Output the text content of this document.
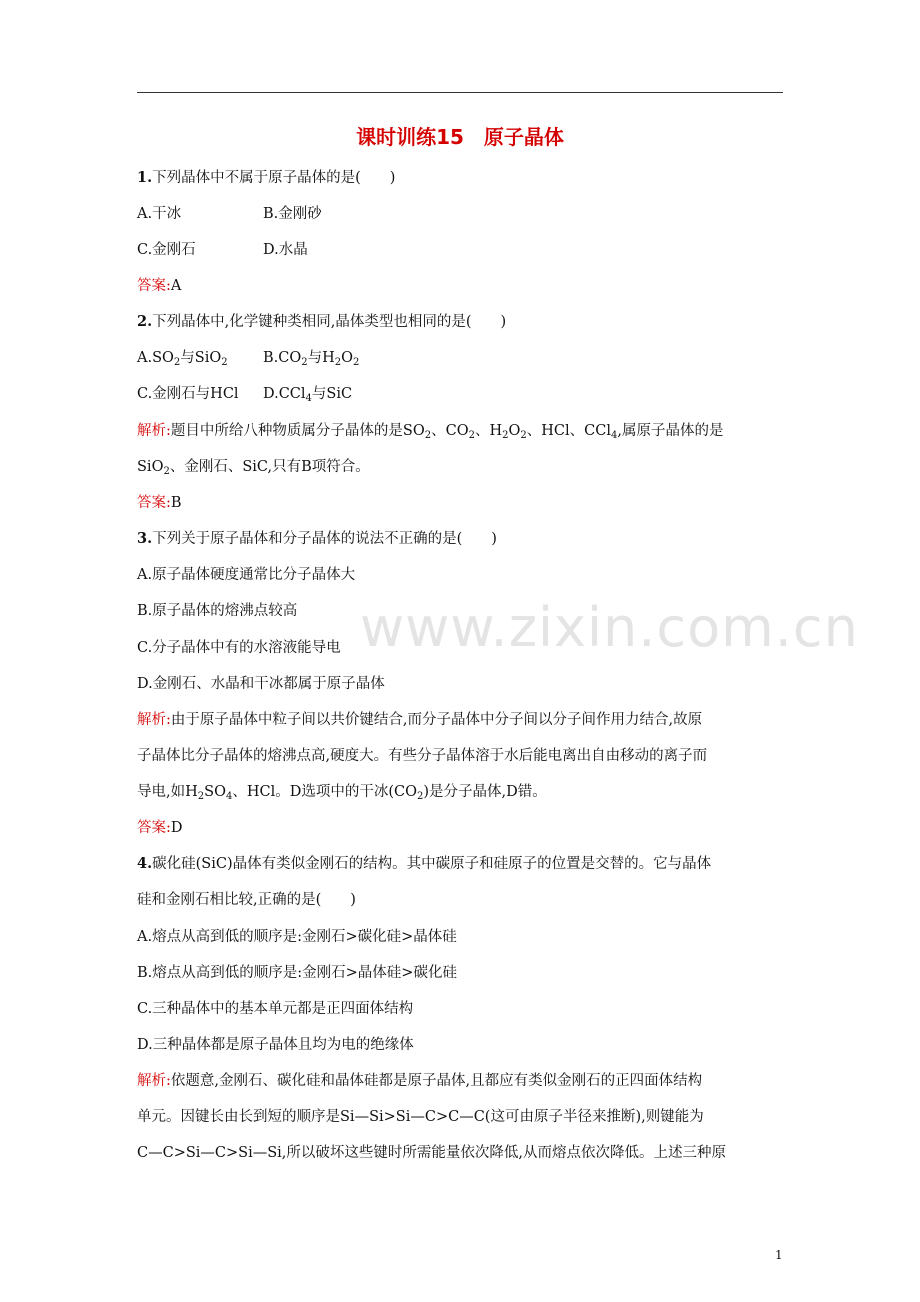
课时训练15　原子晶体
www.zixin.com.cn
1.下列晶体中不属于原子晶体的是(　　)
A.干冰	B.金刚砂
C.金刚石	D.水晶
答案:A
2.下列晶体中,化学键种类相同,晶体类型也相同的是(　　)
$A.SO_2$与SiO$_2$ $B.CO_2$与$H_2O_2$
C.金刚石与HCl D.CCl$_4$与SiC
解析:题目中所给八种物质属分子晶体的是$SO_2$、$CO_2$、$H_2O_2$、HCl、CCl$_4$,属原子晶体的是
SiO$_2$、金刚石、SiC,只有B项符合。
答案:B
3.下列关于原子晶体和分子晶体的说法不正确的是(　　)
A.原子晶体硬度通常比分子晶体大
B.原子晶体的熔沸点较高
C.分子晶体中有的水溶液能导电
D.金刚石、水晶和干冰都属于原子晶体
解析:由于原子晶体中粒子间以共价键结合,而分子晶体中分子间以分子间作用力结合,故原
子晶体比分子晶体的熔沸点高,硬度大。有些分子晶体溶于水后能电离出自由移动的离子而
导电,如$H_2SO_4$、HCl。D选项中的干冰$(CO_2)$是分子晶体,D错。
答案:D
4.碳化硅(SiC)晶体有类似金刚石的结构。其中碳原子和硅原子的位置是交替的。它与晶体
硅和金刚石相比较,正确的是(　　)
A.熔点从高到低的顺序是:金刚石>碳化硅>晶体硅
B.熔点从高到低的顺序是:金刚石>晶体硅>碳化硅
C.三种晶体中的基本单元都是正四面体结构
D.三种晶体都是原子晶体且均为电的绝缘体
解析:依题意,金刚石、碳化硅和晶体硅都是原子晶体,且都应有类似金刚石的正四面体结构
单元。因键长由长到短的顺序是Si—Si>Si—C>C—C(这可由原子半径来推断),则键能为
C—C>Si—C>Si—Si,所以破坏这些键时所需能量依次降低,从而熔点依次降低。上述三种原
1
